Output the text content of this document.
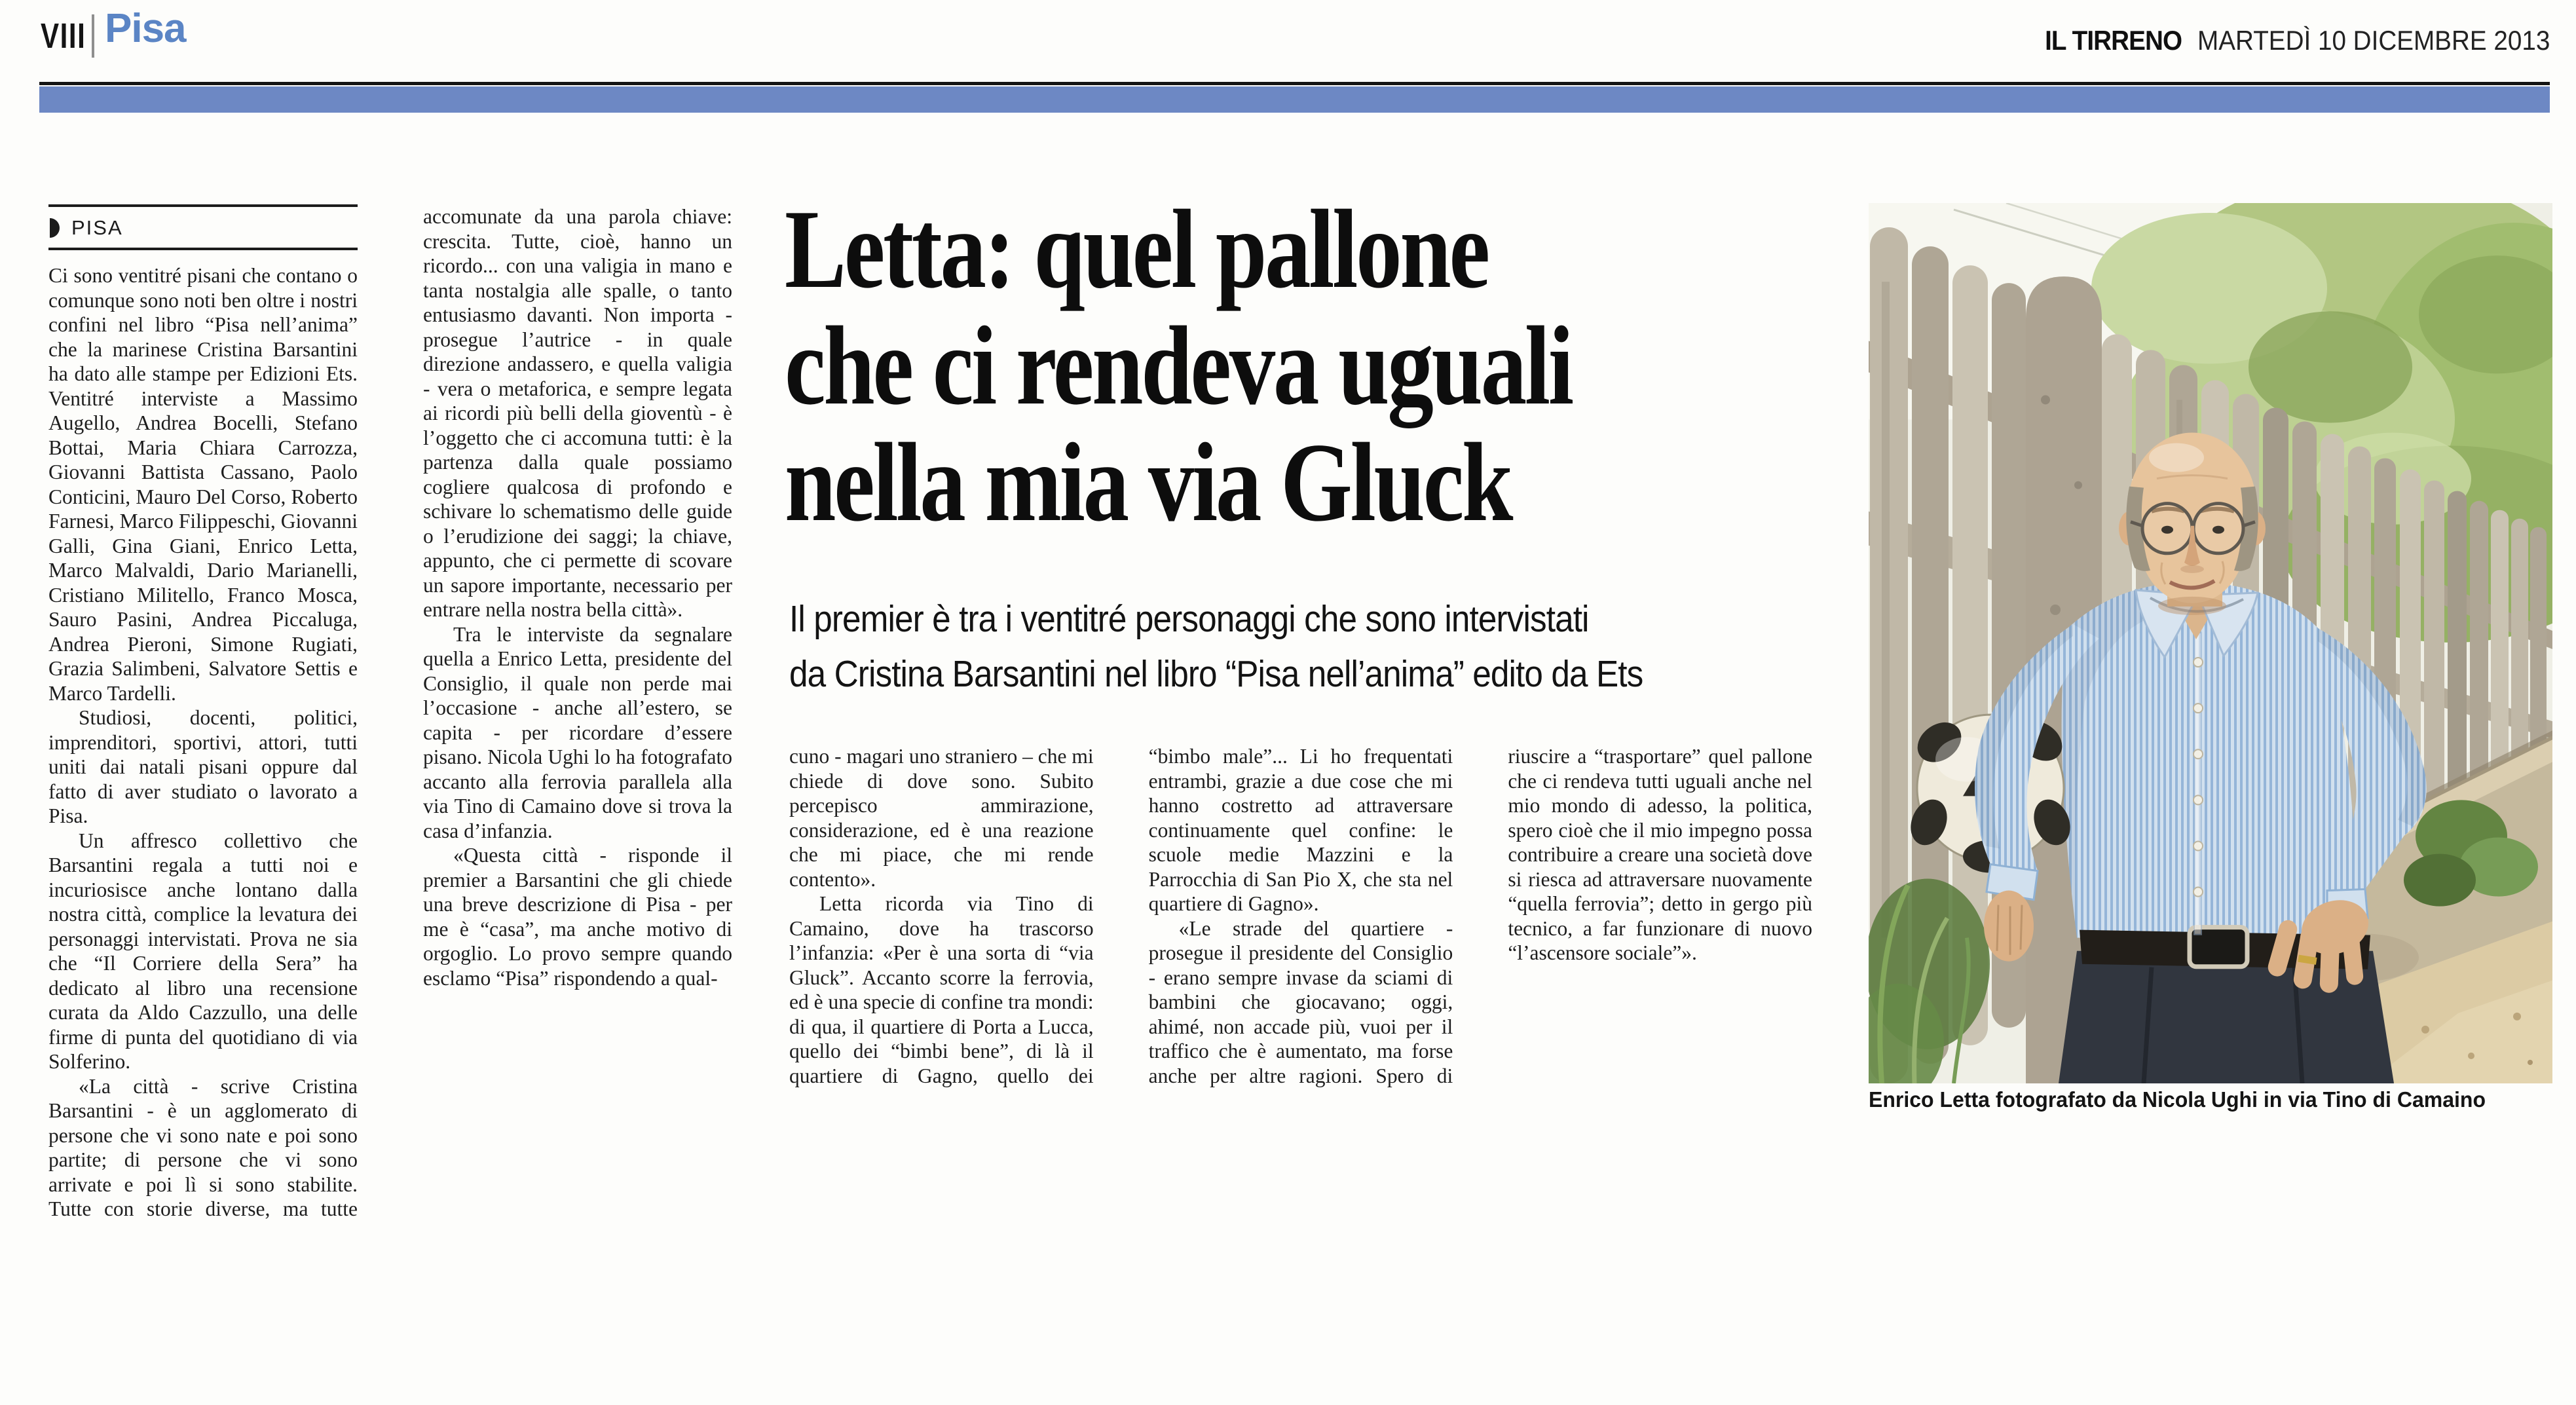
VIII Pisa	IL TIRRENO MARTEDÌ 10 DICEMBRE 2013
PISA

Ci sono ventitré pisani che contano o comunque sono noti ben oltre i nostri confini nel libro “Pisa nell’anima” che la marinese Cristina Barsantini ha dato alle stampe per Edizioni Ets. Ventitré interviste a Massimo Augello, Andrea Bocelli, Stefano Bottai, Maria Chiara Carrozza, Giovanni Battista Cassano, Paolo Conticini, Mauro Del Corso, Roberto Farnesi, Marco Filippeschi, Giovanni Galli, Gina Giani, Enrico Letta, Marco Malvaldi, Dario Marianelli, Cristiano Militello, Franco Mosca, Sauro Pasini, Andrea Piccaluga, Andrea Pieroni, Simone Rugiati, Grazia Salimbeni, Salvatore Settis e Marco Tardelli.

Studiosi, docenti, politici, imprenditori, sportivi, attori, tutti uniti dai natali pisani oppure dal fatto di aver studiato o lavorato a Pisa.

Un affresco collettivo che Barsantini regala a tutti noi e incuriosisce anche lontano dalla nostra città, complice la levatura dei personaggi intervistati. Prova ne sia che “Il Corriere della Sera” ha dedicato al libro una recensione curata da Aldo Cazzullo, una delle firme di punta del quotidiano di via Solferino.

«La città - scrive Cristina Barsantini - è un agglomerato di persone che vi sono nate e poi sono partite; di persone che vi sono arrivate e poi lì si sono stabilite. Tutte con storie diverse, ma tutte accomunate da una parola chiave: crescita. Tutte, cioè, hanno un ricordo... con una valigia in mano e tanta nostalgia alle spalle, o tanto entusiasmo davanti. Non importa - prosegue l’autrice - in quale direzione andassero, e quella valigia - vera o metaforica, e sempre legata ai ricordi più belli della gioventù - è l’oggetto che ci accomuna tutti: è la partenza dalla quale possiamo cogliere qualcosa di profondo e schivare lo schematismo delle guide o l’erudizione dei saggi; la chiave, appunto, che ci permette di scovare un sapore importante, necessario per entrare nella nostra bella città».

Tra le interviste da segnalare quella a Enrico Letta, presidente del Consiglio, il quale non perde mai l’occasione - anche all’estero, se capita - per ricordare d’essere pisano. Nicola Ughi lo ha fotografato accanto alla ferrovia parallela alla via Tino di Camaino dove si trova la casa d’infanzia.

«Questa città - risponde il premier a Barsantini che gli chiede una breve descrizione di Pisa - per me è “casa”, ma anche motivo di orgoglio. Lo provo sempre quando esclamo “Pisa” rispondendo a qual-

Letta: quel pallone
che ci rendeva uguali
nella mia via Gluck
Il premier è tra i ventitré personaggi che sono intervistati
da Cristina Barsantini nel libro “Pisa nell’anima” edito da Ets

cuno - magari uno straniero – che mi chiede di dove sono. Subito percepisco ammirazione, considerazione, ed è una reazione che mi piace, che mi rende contento».

Letta ricorda via Tino di Camaino, dove ha trascorso l’infanzia: «Per è una sorta di “via Gluck”. Accanto scorre la ferrovia, ed è una specie di confine tra mondi: di qua, il quartiere di Porta a Lucca, quello dei “bimbi bene”, di là il quartiere di Gagno, quello dei “bimbo male”... Li ho frequentati entrambi, grazie a due cose che mi hanno costretto ad attraversare continuamente quel confine: le scuole medie Mazzini e la Parrocchia di San Pio X, che sta nel quartiere di Gagno».

«Le strade del quartiere - prosegue il presidente del Consiglio - erano sempre invase da sciami di bambini che giocavano; oggi, ahimé, non accade più, vuoi per il traffico che è aumentato, ma forse anche per altre ragioni. Spero di riuscire a “trasportare” quel pallone che ci rendeva tutti uguali anche nel mio mondo di adesso, la politica, spero cioè che il mio impegno possa contribuire a creare una società dove si riesca ad attraversare nuovamente “quella ferrovia”; detto in gergo più tecnico, a far funzionare di nuovo “l’ascensore sociale”».

Enrico Letta fotografato da Nicola Ughi in via Tino di Camaino
